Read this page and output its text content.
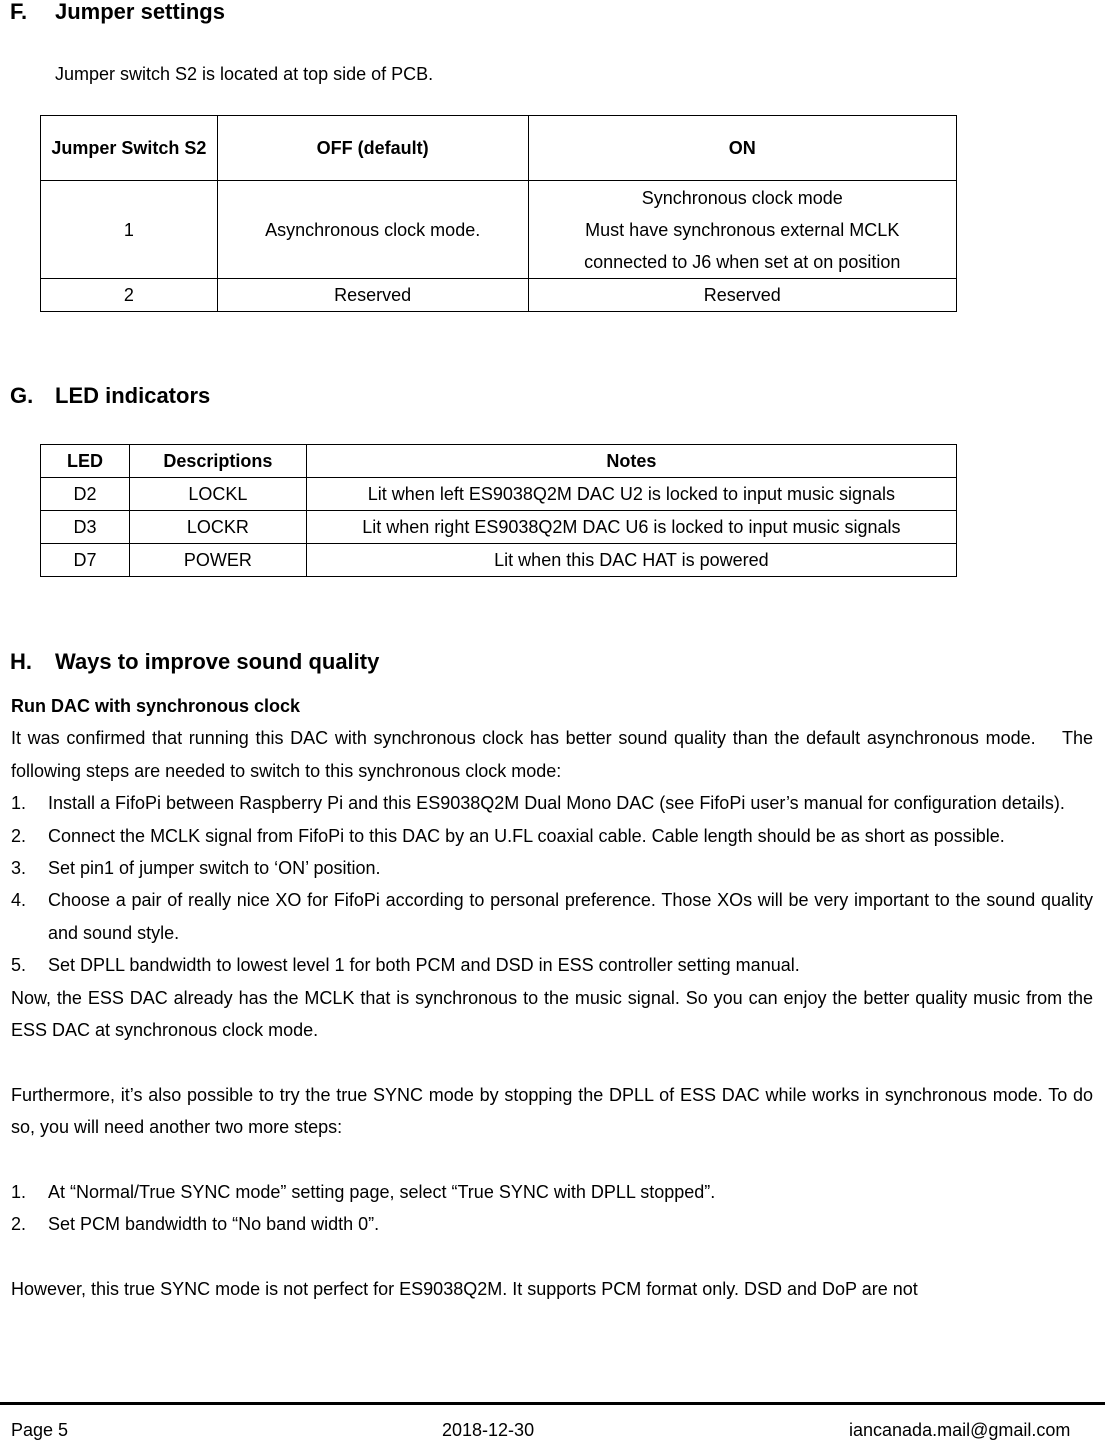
F. Jumper settings
Jumper switch S2 is located at top side of PCB.
Jumper Switch S2	OFF (default)	ON
1	Asynchronous clock mode.	Synchronous clock mode
Must have synchronous external MCLK
connected to J6 when set at on position

2	Reserved	Reserved
G. LED indicators
LED	Descriptions	Notes
D2	LOCKL	Lit when left ES9038Q2M DAC U2 is locked to input music signals
D3	LOCKR	Lit when right ES9038Q2M DAC U6 is locked to input music signals
D7	POWER	Lit when this DAC HAT is powered
H. Ways to improve sound quality

Run DAC with synchronous clock

It was confirmed that running this DAC with synchronous clock has better sound quality than the default asynchronous mode.    The following steps are needed to switch to this synchronous clock mode:

1. Install a FifoPi between Raspberry Pi and this ES9038Q2M Dual Mono DAC (see FifoPi user’s manual for configuration details).
2. Connect the MCLK signal from FifoPi to this DAC by an U.FL coaxial cable. Cable length should be as short as possible.
3. Set pin1 of jumper switch to ‘ON’ position.
4. Choose a pair of really nice XO for FifoPi according to personal preference. Those XOs will be very important to the sound quality and sound style.
5. Set DPLL bandwidth to lowest level 1 for both PCM and DSD in ESS controller setting manual.

Now, the ESS DAC already has the MCLK that is synchronous to the music signal. So you can enjoy the better quality music from the ESS DAC at synchronous clock mode.

Furthermore, it’s also possible to try the true SYNC mode by stopping the DPLL of ESS DAC while works in synchronous mode. To do so, you will need another two more steps:

1. At “Normal/True SYNC mode” setting page, select “True SYNC with DPLL stopped”.
2. Set PCM bandwidth to “No band width 0”.

However, this true SYNC mode is not perfect for ES9038Q2M. It supports PCM format only. DSD and DoP are not

Page 5	2018-12-30	iancanada.mail@gmail.com
